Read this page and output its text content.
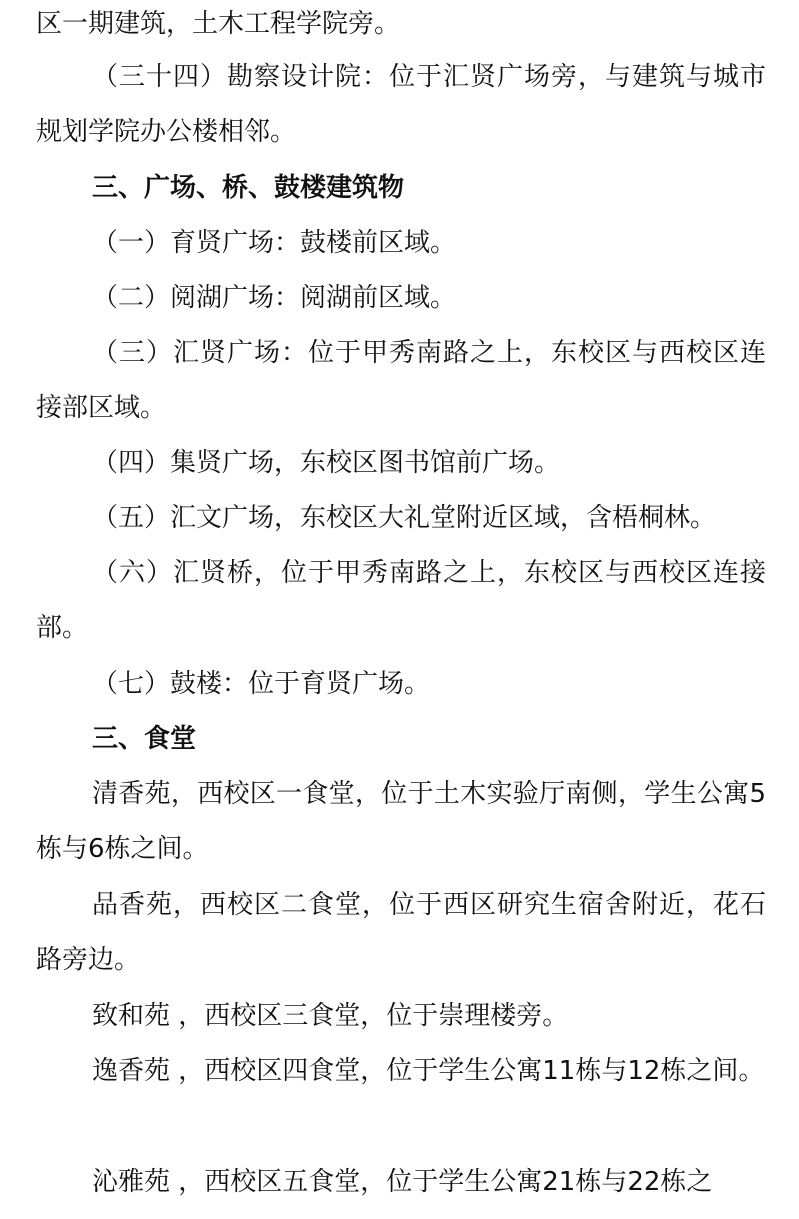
区一期建筑，土木工程学院旁。

（三十四）勘察设计院：位于汇贤广场旁，与建筑与城市规划学院办公楼相邻。

三、广场、桥、鼓楼建筑物

（一）育贤广场：鼓楼前区域。

（二）阅湖广场：阅湖前区域。

（三）汇贤广场：位于甲秀南路之上，东校区与西校区连接部区域。

（四）集贤广场，东校区图书馆前广场。

（五）汇文广场，东校区大礼堂附近区域，含梧桐林。

（六）汇贤桥，位于甲秀南路之上，东校区与西校区连接部。

（七）鼓楼：位于育贤广场。

三、食堂

清香苑，西校区一食堂，位于土木实验厅南侧，学生公寓5栋与6栋之间。

品香苑，西校区二食堂，位于西区研究生宿舍附近，花石路旁边。

致和苑 ，西校区三食堂，位于崇理楼旁。

逸香苑 ，西校区四食堂，位于学生公寓11栋与12栋之间。

沁雅苑 ，西校区五食堂，位于学生公寓21栋与22栋之
